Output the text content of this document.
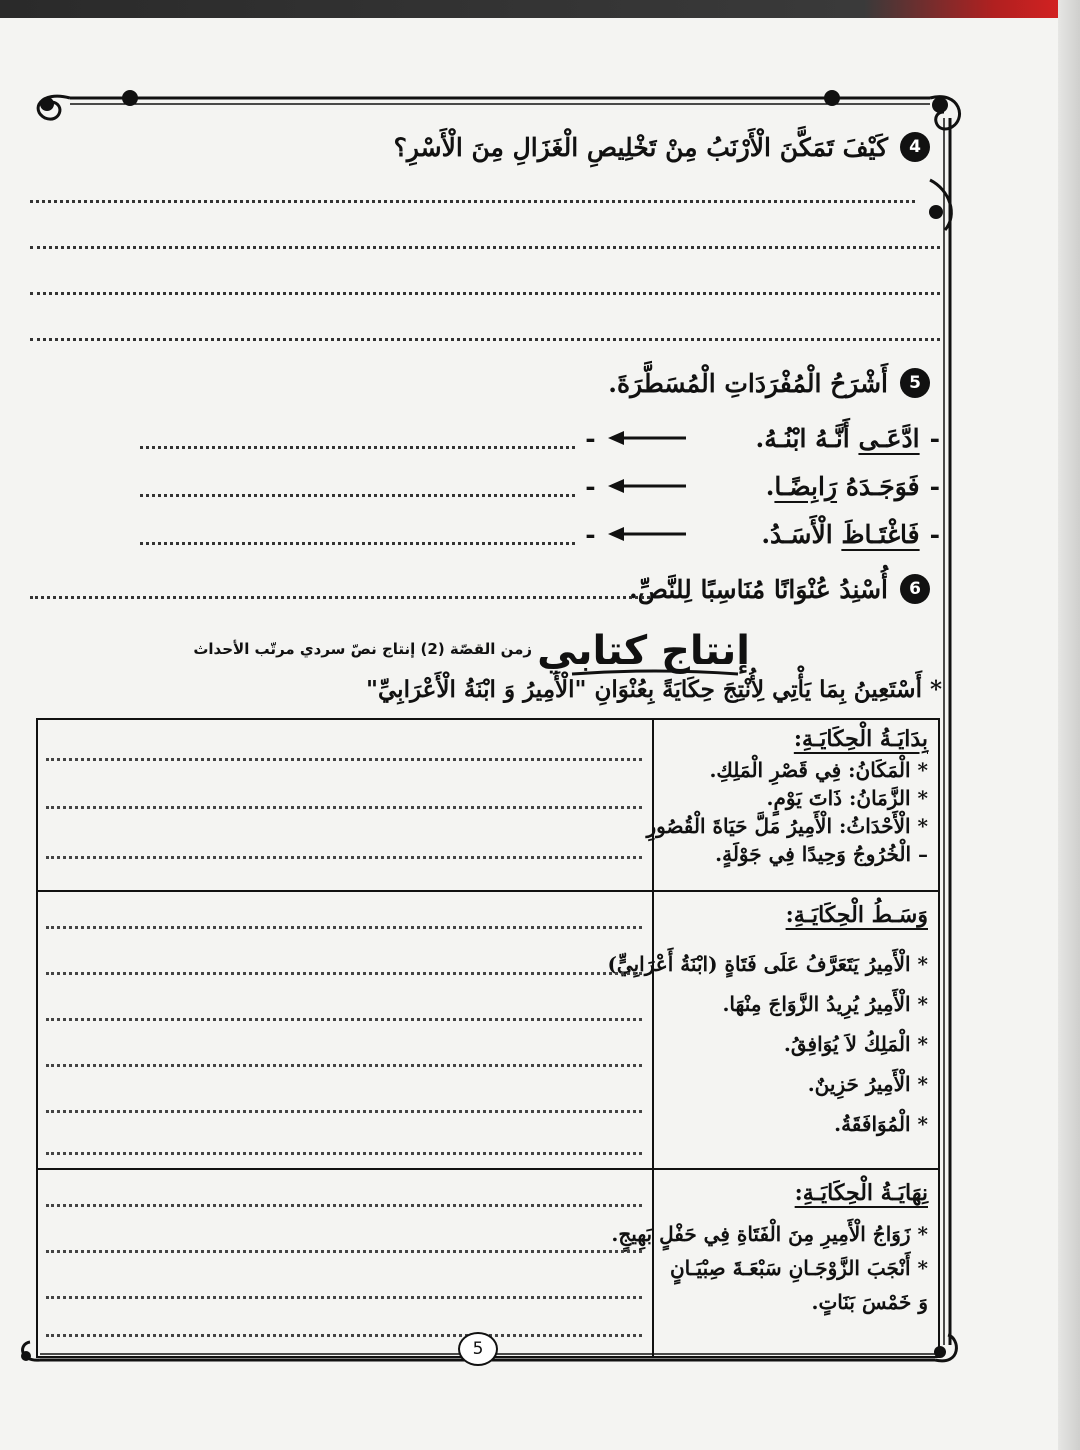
4
كَيْفَ تَمَكَّنَ الْأَرْنَبُ مِنْ تَخْلِيصِ الْغَزَالِ مِنَ الْأَسْرِ؟
5
أَشْرَحُ الْمُفْرَدَاتِ الْمُسَطَّرَةَ.
-
ادَّعَـى أَنَّـهُ ابْنُـهُ.
-
-
فَوَجَـدَهُ رَابِضًـا.
-
-
فَاغْتَـاظَ الْأَسَـدُ.
-
6
أُسْنِدُ عُنْوَانًا مُنَاسِبًا لِلنَّصِّ.
إنتاج كتابي
زمن القصّة (2) إنتاج نصّ سردي مرتّب الأحداث
* أَسْتَعِينُ بِمَا يَأْتِي لِأُنْتِجَ حِكَايَةً بِعُنْوَانِ "الْأَمِيرُ وَ ابْنَةُ الْأَعْرَابِيِّ"
بِدَايَـةُ الْحِكَايَـةِ:
* الْمَكَانُ: فِي قَصْرِ الْمَلِكِ.
* الزَّمَانُ: ذَاتَ يَوْمٍ.
* الْأَحْدَاثُ: الْأَمِيرُ مَلَّ حَيَاةَ الْقُصُورِ
– الْخُرُوجُ وَحِيدًا فِي جَوْلَةٍ.
وَسَـطُ الْحِكَايَـةِ:
* الْأَمِيرُ يَتَعَرَّفُ عَلَى فَتَاةٍ (ابْنَةُ أَعْرَابِيٍّ)
* الْأَمِيرُ يُرِيدُ الزَّوَاجَ مِنْهَا.
* الْمَلِكُ لاَ يُوَافِقُ.
* الْأَمِيرُ حَزِينٌ.
* الْمُوَافَقَةُ.
نِهَايَـةُ الْحِكَايَـةِ:
* زَوَاجُ الْأَمِيرِ مِنَ الْفَتَاةِ فِي حَفْلٍ بَهِيجٍ.
* أَنْجَبَ الزَّوْجَـانِ سَبْعَـةَ صِبْيَـانٍ
وَ خَمْسَ بَنَاتٍ.
5
